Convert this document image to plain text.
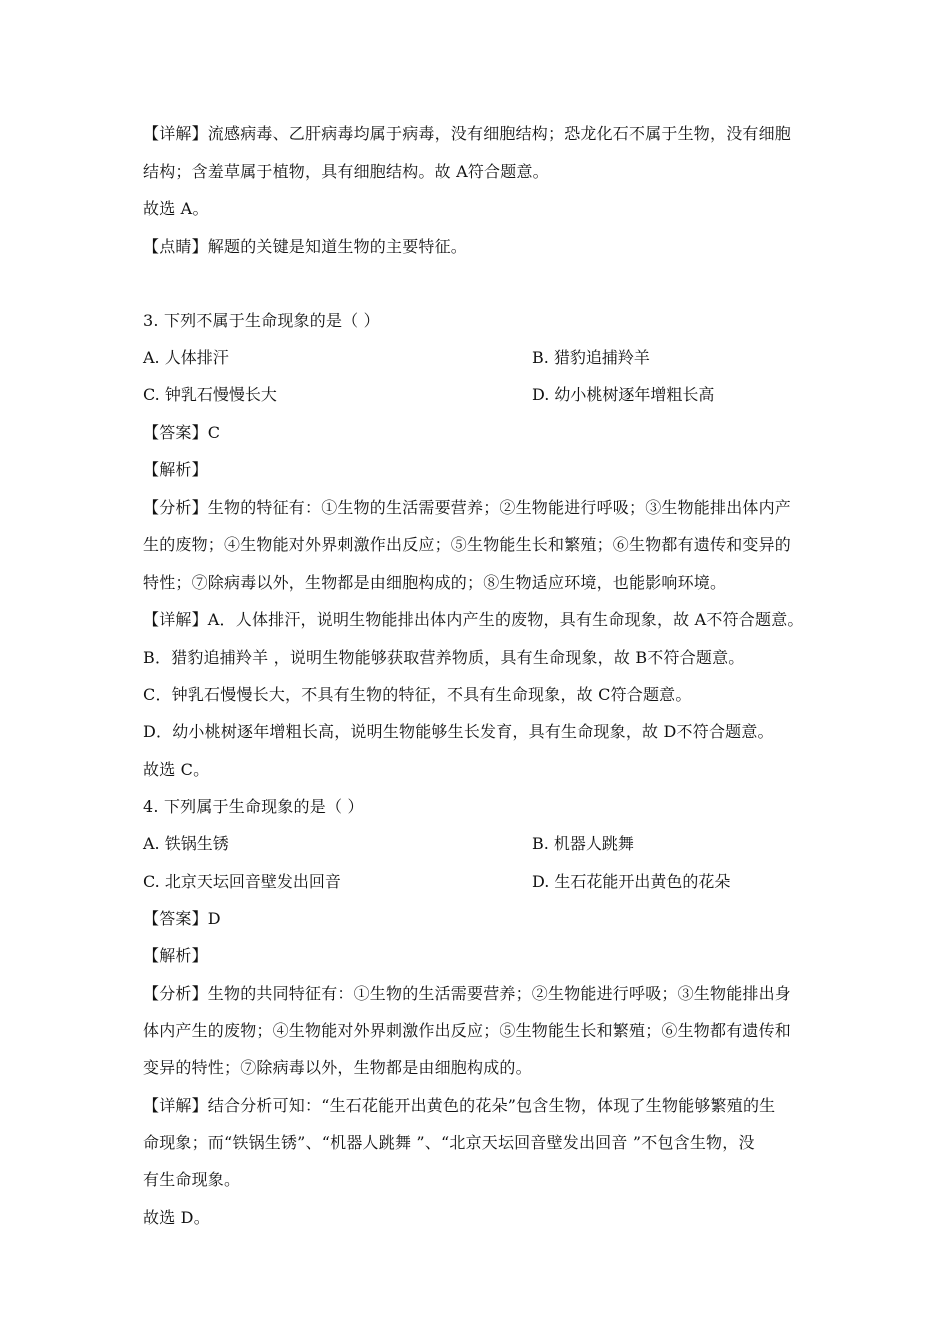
【详解】流感病毒、乙肝病毒均属于病毒，没有细胞结构；恐龙化石不属于生物，没有细胞
结构；含羞草属于植物，具有细胞结构。故 A符合题意。
故选 A。
【点睛】解题的关键是知道生物的主要特征。
3. 下列不属于生命现象的是（ ）
A. 人体排汗	B. 猎豹追捕羚羊
C. 钟乳石慢慢长大	D. 幼小桃树逐年增粗长高
【答案】C
【解析】
【分析】生物的特征有：①生物的生活需要营养；②生物能进行呼吸；③生物能排出体内产
生的废物；④生物能对外界刺激作出反应；⑤生物能生长和繁殖；⑥生物都有遗传和变异的
特性；⑦除病毒以外，生物都是由细胞构成的；⑧生物适应环境，也能影响环境。
【详解】A．人体排汗，说明生物能排出体内产生的废物，具有生命现象，故 A不符合题意。
B．猎豹追捕羚羊 ，说明生物能够获取营养物质，具有生命现象，故 B不符合题意。
C．钟乳石慢慢长大，不具有生物的特征，不具有生命现象，故 C符合题意。
D．幼小桃树逐年增粗长高，说明生物能够生长发育，具有生命现象，故 D不符合题意。
故选 C。
4. 下列属于生命现象的是（ ）
A. 铁锅生锈	B. 机器人跳舞
C. 北京天坛回音壁发出回音	D. 生石花能开出黄色的花朵
【答案】D
【解析】
【分析】生物的共同特征有：①生物的生活需要营养；②生物能进行呼吸；③生物能排出身
体内产生的废物；④生物能对外界刺激作出反应；⑤生物能生长和繁殖；⑥生物都有遗传和
变异的特性；⑦除病毒以外，生物都是由细胞构成的。
【详解】结合分析可知：“生石花能开出黄色的花朵”包含生物，体现了生物能够繁殖的生
命现象；而“铁锅生锈”、“机器人跳舞 ”、“北京天坛回音壁发出回音 ”不包含生物，没
有生命现象。
故选 D。
